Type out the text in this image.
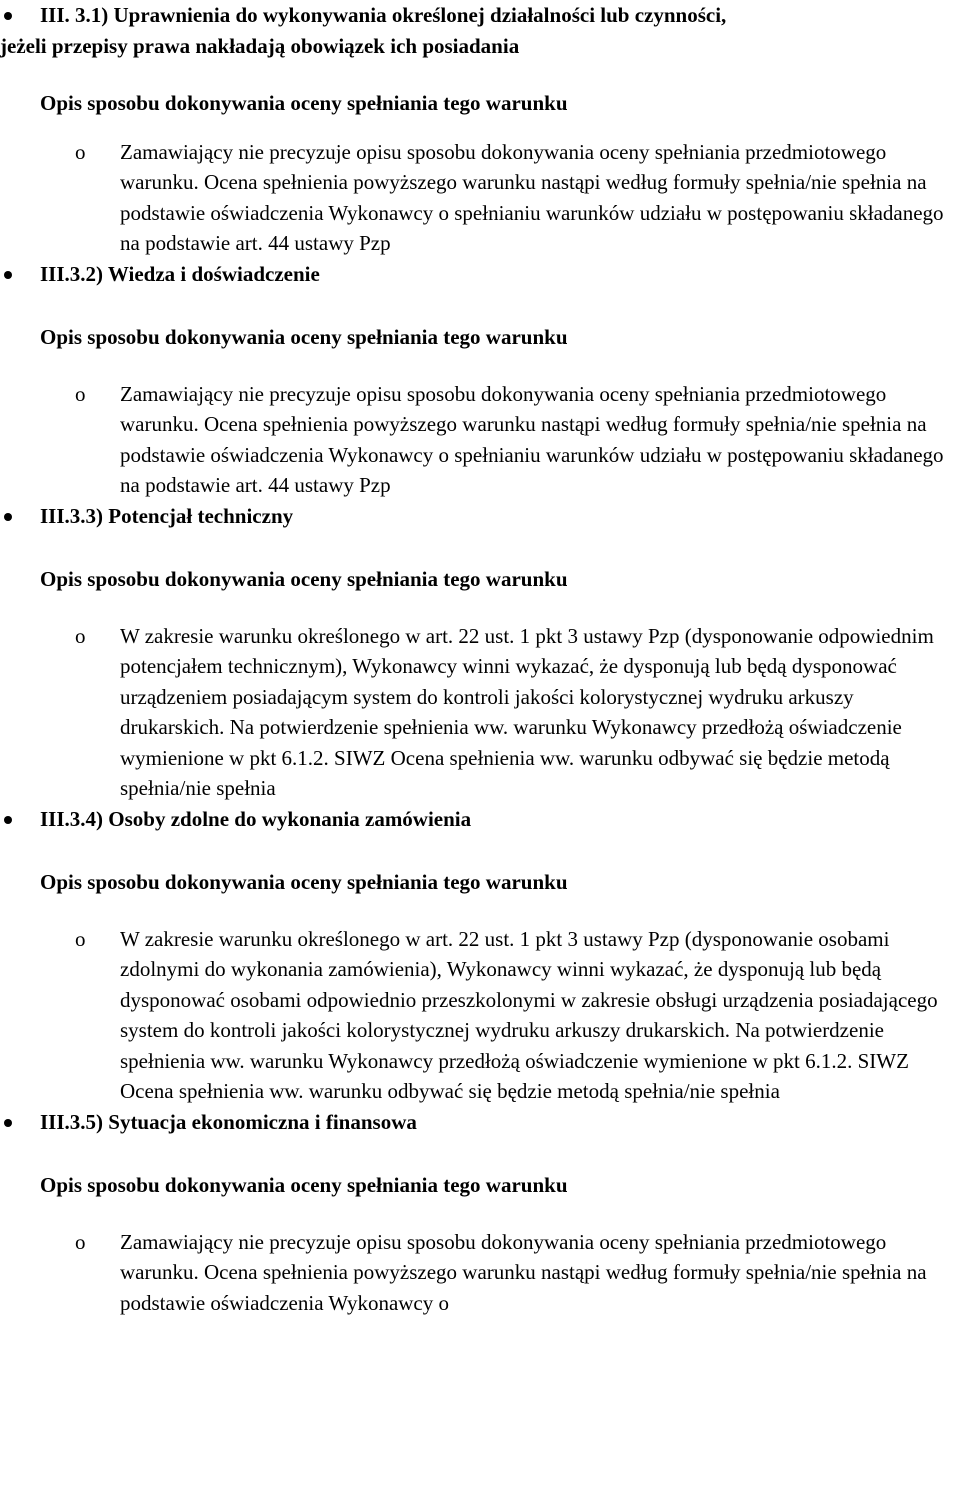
III. 3.1) Uprawnienia do wykonywania określonej działalności lub czynności,
jeżeli przepisy prawa nakładają obowiązek ich posiadania
Opis sposobu dokonywania oceny spełniania tego warunku
o Zamawiający nie precyzuje opisu sposobu dokonywania oceny spełniania przedmiotowego warunku. Ocena spełnienia powyższego warunku nastąpi według formuły spełnia/nie spełnia na podstawie oświadczenia Wykonawcy o spełnianiu warunków udziału w postępowaniu składanego na podstawie art. 44 ustawy Pzp
III.3.2) Wiedza i doświadczenie
Opis sposobu dokonywania oceny spełniania tego warunku
o Zamawiający nie precyzuje opisu sposobu dokonywania oceny spełniania przedmiotowego warunku. Ocena spełnienia powyższego warunku nastąpi według formuły spełnia/nie spełnia na podstawie oświadczenia Wykonawcy o spełnianiu warunków udziału w postępowaniu składanego na podstawie art. 44 ustawy Pzp
III.3.3) Potencjał techniczny
Opis sposobu dokonywania oceny spełniania tego warunku
o W zakresie warunku określonego w art. 22 ust. 1 pkt 3 ustawy Pzp (dysponowanie odpowiednim potencjałem technicznym), Wykonawcy winni wykazać, że dysponują lub będą dysponować urządzeniem posiadającym system do kontroli jakości kolorystycznej wydruku arkuszy drukarskich. Na potwierdzenie spełnienia ww. warunku Wykonawcy przedłożą oświadczenie wymienione w pkt 6.1.2. SIWZ Ocena spełnienia ww. warunku odbywać się będzie metodą spełnia/nie spełnia
III.3.4) Osoby zdolne do wykonania zamówienia
Opis sposobu dokonywania oceny spełniania tego warunku
o W zakresie warunku określonego w art. 22 ust. 1 pkt 3 ustawy Pzp (dysponowanie osobami zdolnymi do wykonania zamówienia), Wykonawcy winni wykazać, że dysponują lub będą dysponować osobami odpowiednio przeszkolonymi w zakresie obsługi urządzenia posiadającego system do kontroli jakości kolorystycznej wydruku arkuszy drukarskich. Na potwierdzenie spełnienia ww. warunku Wykonawcy przedłożą oświadczenie wymienione w pkt 6.1.2. SIWZ Ocena spełnienia ww. warunku odbywać się będzie metodą spełnia/nie spełnia
III.3.5) Sytuacja ekonomiczna i finansowa
Opis sposobu dokonywania oceny spełniania tego warunku
o Zamawiający nie precyzuje opisu sposobu dokonywania oceny spełniania przedmiotowego warunku. Ocena spełnienia powyższego warunku nastąpi według formuły spełnia/nie spełnia na podstawie oświadczenia Wykonawcy o
